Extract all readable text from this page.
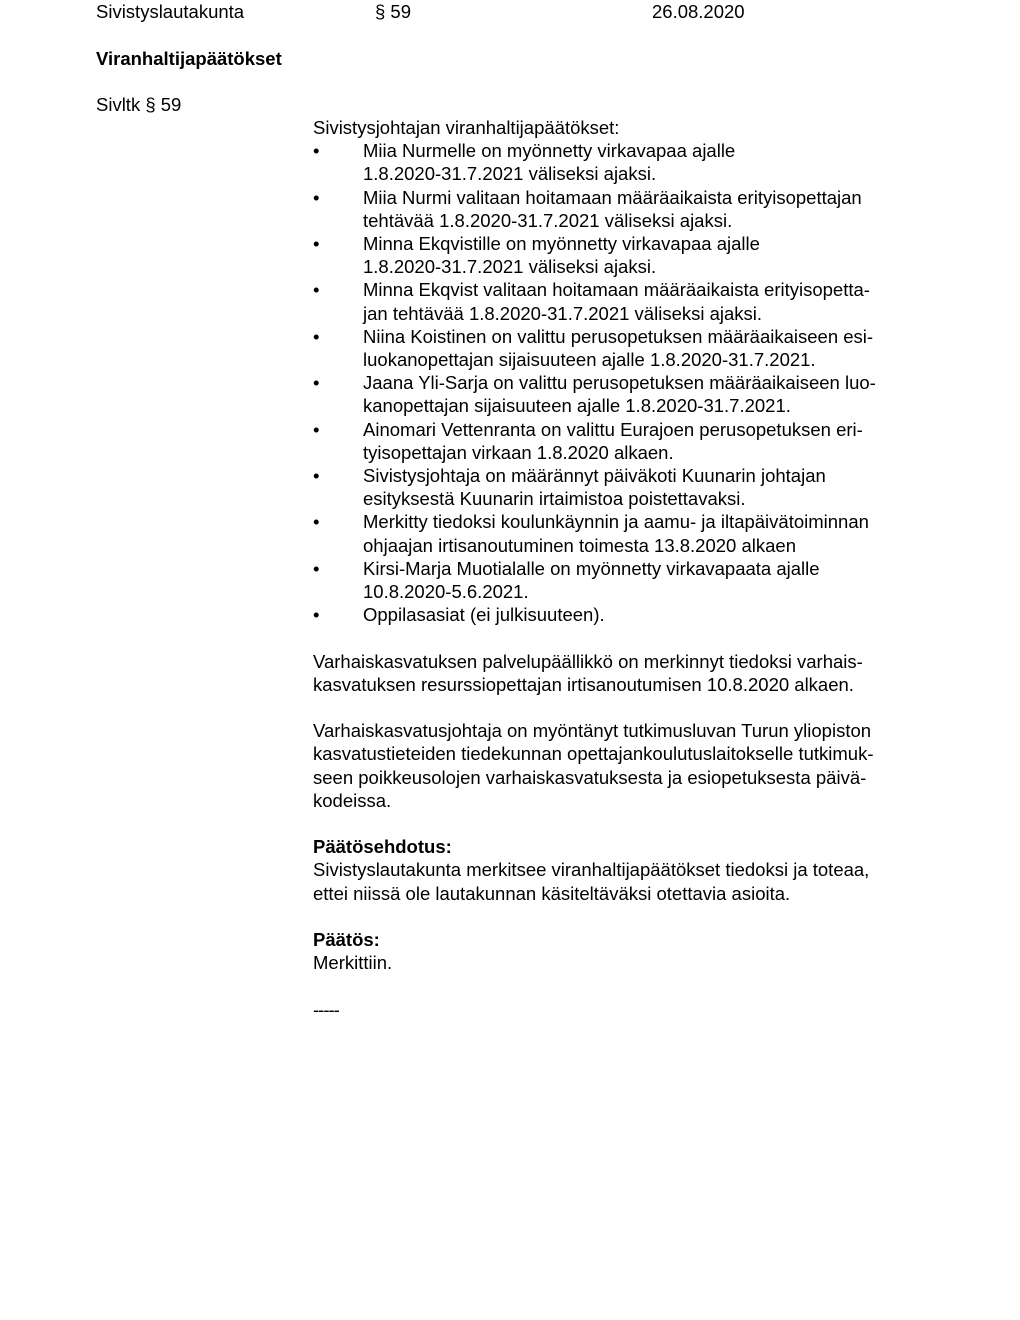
Sivistyslautakunta	§ 59	26.08.2020
Viranhaltijapäätökset
Sivltk § 59

Sivistysjohtajan viranhaltijapäätökset:

•	Miia Nurmelle on myönnetty virkavapaa ajalle
1.8.2020-31.7.2021 väliseksi ajaksi.
•	Miia Nurmi valitaan hoitamaan määräaikaista erityisopettajan
tehtävää 1.8.2020-31.7.2021 väliseksi ajaksi.
•	Minna Ekqvistille on myönnetty virkavapaa ajalle
1.8.2020-31.7.2021 väliseksi ajaksi.
•	Minna Ekqvist valitaan hoitamaan määräaikaista erityisopetta-
jan tehtävää 1.8.2020-31.7.2021 väliseksi ajaksi.
•	Niina Koistinen on valittu perusopetuksen määräaikaiseen esi-
luokanopettajan sijaisuuteen ajalle 1.8.2020-31.7.2021.
•	Jaana Yli-Sarja on valittu perusopetuksen määräaikaiseen luo-
kanopettajan sijaisuuteen ajalle 1.8.2020-31.7.2021.
•	Ainomari Vettenranta on valittu Eurajoen perusopetuksen eri-
tyisopettajan virkaan 1.8.2020 alkaen.
•	Sivistysjohtaja on määrännyt päiväkoti Kuunarin johtajan
esityksestä Kuunarin irtaimistoa poistettavaksi.
•	Merkitty tiedoksi koulunkäynnin ja aamu- ja iltapäivätoiminnan
ohjaajan irtisanoutuminen toimesta 13.8.2020 alkaen
•	Kirsi-Marja Muotialalle on myönnetty virkavapaata ajalle
10.8.2020-5.6.2021.
•	Oppilasasiat (ei julkisuuteen).
Varhaiskasvatuksen palvelupäällikkö on merkinnyt tiedoksi varhais-
kasvatuksen resurssiopettajan irtisanoutumisen 10.8.2020 alkaen.
Varhaiskasvatusjohtaja on myöntänyt tutkimusluvan Turun yliopiston
kasvatustieteiden tiedekunnan opettajankoulutuslaitokselle tutkimuk-
seen poikkeusolojen varhaiskasvatuksesta ja esiopetuksesta päivä-
kodeissa.

Päätösehdotus:

Sivistyslautakunta merkitsee viranhaltijapäätökset tiedoksi ja toteaa,
ettei niissä ole lautakunnan käsiteltäväksi otettavia asioita.

Päätös:

Merkittiin.

-----
